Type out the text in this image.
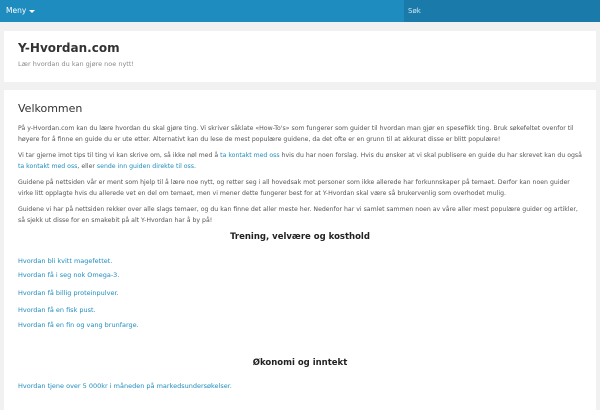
Meny
Søk
Y-Hvordan.com
Lær hvordan du kan gjøre noe nytt!
Velkommen

På y-Hvordan.com kan du lære hvordan du skal gjøre ting. Vi skriver såklate «How-To's» som fungerer som guider til hvordan man gjør en spesefikk ting. Bruk søkefeltet ovenfor til høyere for å finne en guide du er ute etter. Alternativt kan du lese de mest populære guidene, da det ofte er en grunn til at akkurat disse er blitt populære!

Vi tar gjerne imot tips til ting vi kan skrive om, så ikke nøl med å ta kontakt med oss hvis du har noen forslag. Hvis du ønsker at vi skal publisere en guide du har skrevet kan du også ta kontakt med oss, eller sende inn guiden direkte til oss.

Guidene på nettsiden vår er ment som hjelp til å lære noe nytt, og retter seg i all hovedsak mot personer som ikke allerede har forkunnskaper på temaet. Derfor kan noen guider virke litt opplagte hvis du allerede vet en del om temaet, men vi mener dette fungerer best for at Y-Hvordan skal være så brukervenlig som overhodet mulig.

Guidene vi har på nettsiden rekker over alle slags temaer, og du kan finne det aller meste her. Nedenfor har vi samlet sammen noen av våre aller mest populære guider og artikler, så sjekk ut disse for en smakebit på alt Y-Hvordan har å by på!

Trening, velvære og kosthold
Hvordan bli kvitt magefettet.
Hvordan få i seg nok Omega-3.
Hvordan få billig proteinpulver.
Hvordan få en fisk pust.
Hvordan få en fin og vang brunfarge.
Økonomi og inntekt
Hvordan tjene over 5 000kr i måneden på markedsundersøkelser.
